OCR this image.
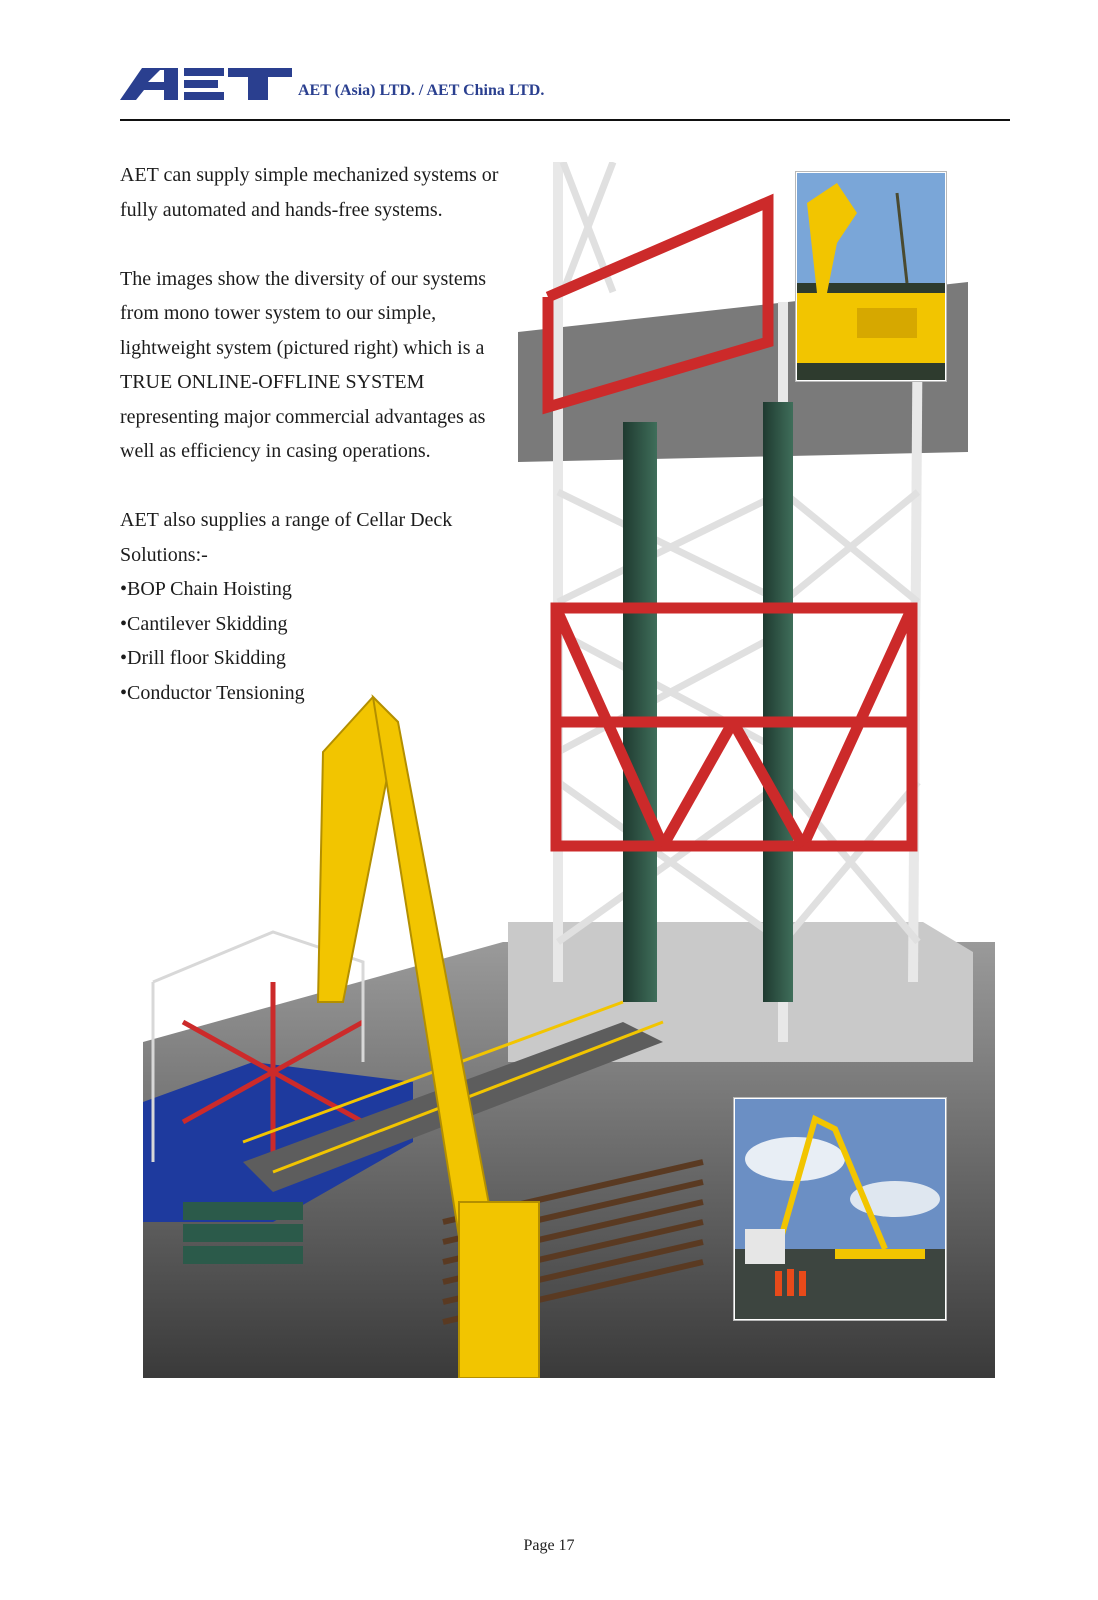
AET (Asia) LTD. / AET China LTD.

AET can supply simple mechanized systems or fully automated and hands-free systems.

The images show the diversity of our systems from mono tower system to our simple, lightweight system (pictured right) which is a TRUE ONLINE-OFFLINE SYSTEM representing major commercial advantages as well as efficiency in casing operations.

AET also supplies a range of Cellar Deck Solutions:-

• BOP Chain Hoisting
• Cantilever Skidding
• Drill floor Skidding
• Conductor Tensioning
Page 17
